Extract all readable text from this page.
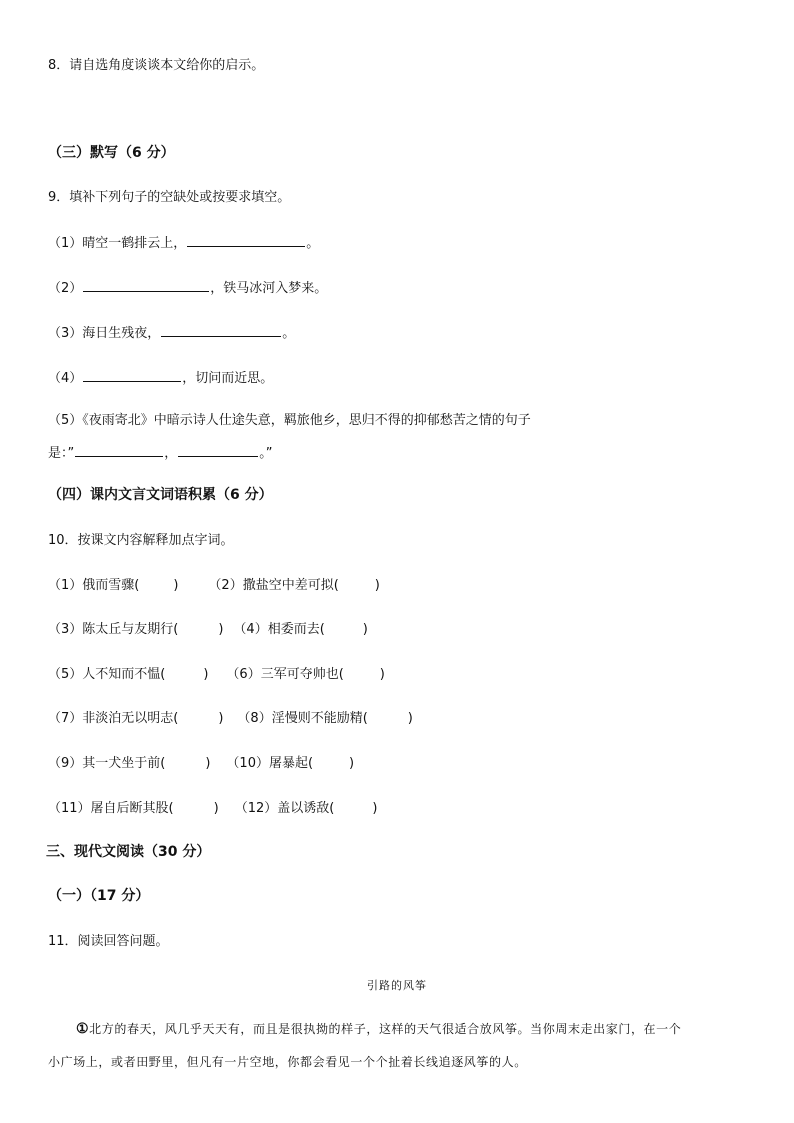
8．请自选角度谈谈本文给你的启示。
（三）默写（6 分）
9．填补下列句子的空缺处或按要求填空。
（1）晴空一鹤排云上，	。
（2）	，铁马冰河入梦来。
（3）海日生残夜，	。
（4）	，切问而近思。
（5）《夜雨寄北》中暗示诗人仕途失意，羁旅他乡，思归不得的抑郁愁苦之情的句子
是：”	，	。”
（四）课内文言文词语积累（6 分）
10．按课文内容解释加点字词。
（1）俄而雪骤(	) （2）撒盐空中差可拟(	)
（3）陈太丘与友期行(	) （4）相委而去(	)
（5）人不知而不愠(	) （6）三军可夺帅也(	)
（7）非淡泊无以明志(	) （8）淫慢则不能励精(	)
（9）其一犬坐于前(	) （10）屠暴起(	)
（11）屠自后断其股(	) （12）盖以诱敌(	)
三、现代文阅读（30 分）
（一）（17 分）
11．阅读回答问题。
引路的风筝
①北方的春天，风几乎天天有，而且是很执拗的样子，这样的天气很适合放风筝。当你周末走出家门，在一个
小广场上，或者田野里，但凡有一片空地，你都会看见一个个扯着长线追逐风筝的人。
